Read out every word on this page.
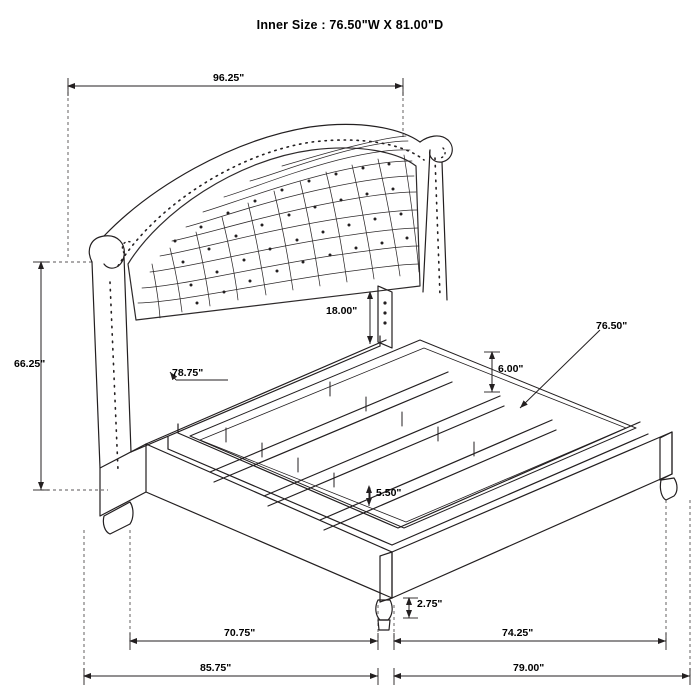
Inner Size : 76.50"W X 81.00"D
96.25"
66.25"
78.75"
18.00"
6.00"
76.50"
5.50"
2.75"
70.75"	74.25"
85.75"	79.00"
